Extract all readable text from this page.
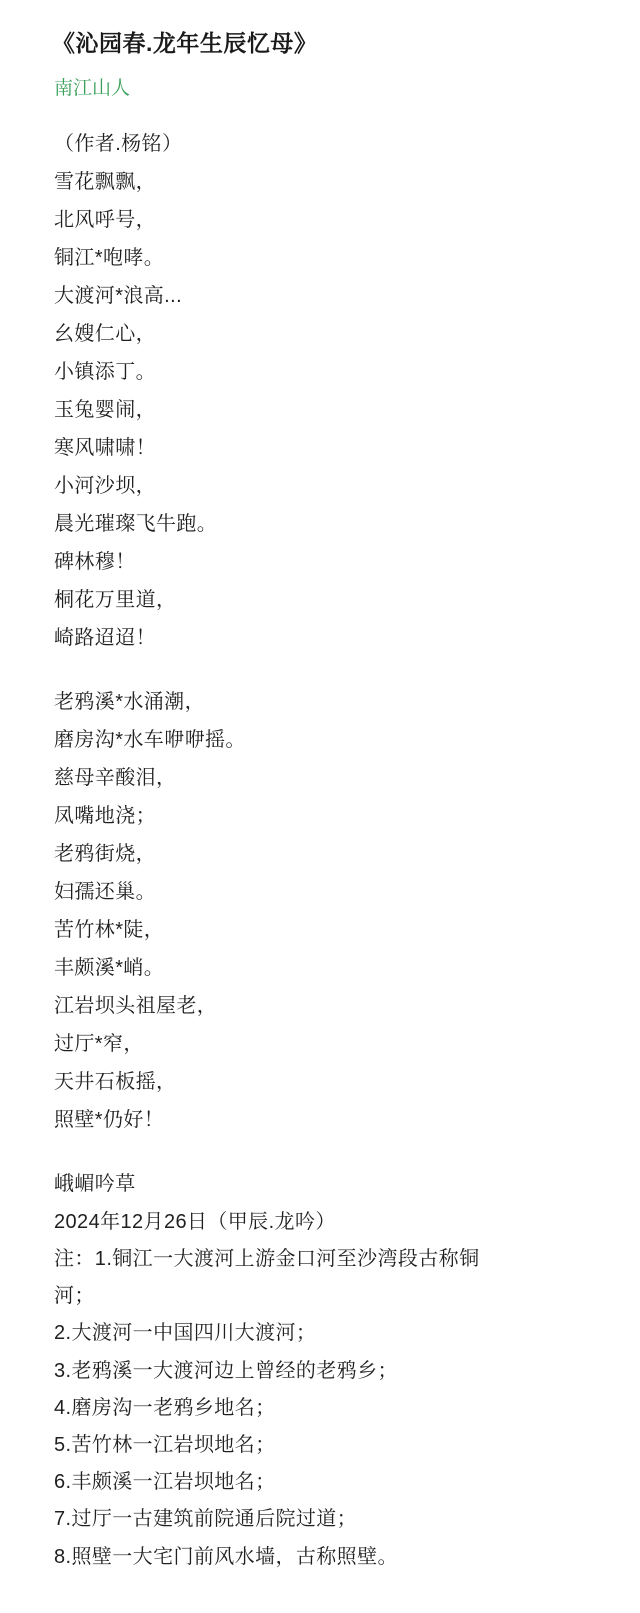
《沁园春.龙年生辰忆母》
南江山人
（作者.杨铭）
雪花飘飘，
北风呼号，
铜江*咆哮。
大渡河*浪高...
幺嫂仁心，
小镇添丁。
玉兔婴闹，
寒风啸啸！
小河沙坝，
晨光璀璨飞牛跑。
碑林穆！
桐花万里道，
崎路迢迢！
老鸦溪*水涌潮，
磨房沟*水车咿咿摇。
慈母辛酸泪，
凤嘴地浇；
老鸦街烧，
妇孺还巢。
苦竹林*陡，
丰颇溪*峭。
江岩坝头祖屋老，
过厅*窄，
天井石板摇，
照壁*仍好！
峨嵋吟草
2024年12月26日（甲辰.龙吟）
注：1.铜江一大渡河上游金口河至沙湾段古称铜
河；
2.大渡河一中国四川大渡河；
3.老鸦溪一大渡河边上曾经的老鸦乡；
4.磨房沟一老鸦乡地名；
5.苦竹林一江岩坝地名；
6.丰颇溪一江岩坝地名；
7.过厅一古建筑前院通后院过道；
8.照壁一大宅门前风水墙，古称照壁。
